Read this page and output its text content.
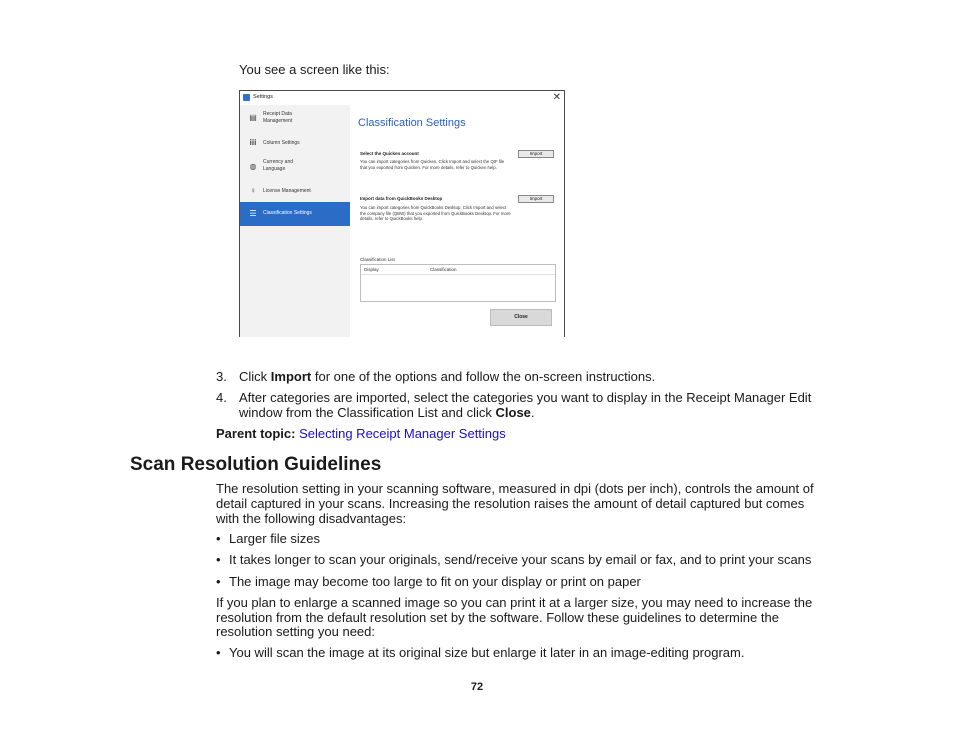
You see a screen like this:
Settings	✕
▤ Receipt Data
Management
iii	Column Settings
◍	Currency and
Language
♀	License Management
☰ Classification Settings
Classification Settings
Select the Quicken account	Import
You can import categories from Quicken. Click Import and select the QIF file that you exported from Quicken. For more details, refer to Quicken help.
Import data from QuickBooks Desktop	Import
You can import categories from QuickBooks Desktop. Click Import and select the company file (QBW) that you exported from QuickBooks Desktop. For more details, refer to QuickBooks help.
Classification List
Display	Classification
Close
3. Click Import for one of the options and follow the on-screen instructions.
4. After categories are imported, select the categories you want to display in the Receipt Manager Edit
window from the Classification List and click Close.
Parent topic: Selecting Receipt Manager Settings
Scan Resolution Guidelines
The resolution setting in your scanning software, measured in dpi (dots per inch), controls the amount of
detail captured in your scans. Increasing the resolution raises the amount of detail captured but comes
with the following disadvantages:
• Larger file sizes
• It takes longer to scan your originals, send/receive your scans by email or fax, and to print your scans
• The image may become too large to fit on your display or print on paper
If you plan to enlarge a scanned image so you can print it at a larger size, you may need to increase the
resolution from the default resolution set by the software. Follow these guidelines to determine the
resolution setting you need:
• You will scan the image at its original size but enlarge it later in an image-editing program.
72
